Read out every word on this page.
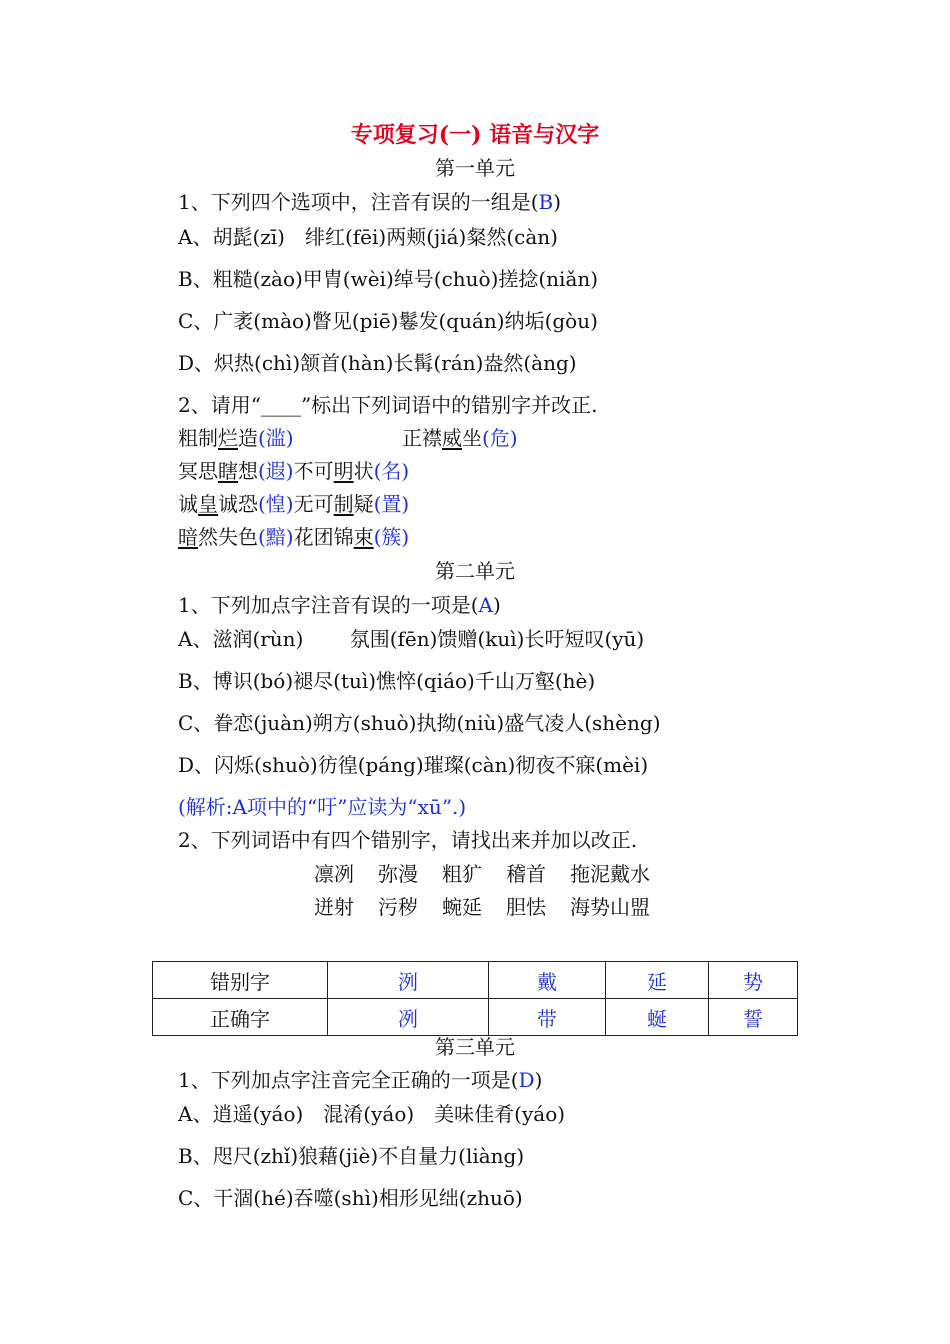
专项复习(一) 语音与汉字
第一单元
1、下列四个选项中，注音有误的一组是(B)
A、胡髭(zī)　绯红(fēi)两颊(jiá)粲然(càn)
B、粗糙(zào)甲胄(wèi)绰号(chuò)搓捻(niǎn)
C、广袤(mào)瞥见(piē)鬈发(quán)纳垢(gòu)
D、炽热(chì)颔首(hàn)长髯(rán)盎然(àng)
2、请用“____”标出下列词语中的错别字并改正.
粗制烂造(滥)	正襟威坐(危)
冥思瞎想(遐)不可明状(名)
诚皇诚恐(惶)无可制疑(置)
暗然失色(黯)花团锦束(簇)
第二单元
1、下列加点字注音有误的一项是(A)
A、滋润(rùn)　　 氛围(fēn)馈赠(kuì)长吁短叹(yū)
B、博识(bó)褪尽(tuì)憔悴(qiáo)千山万壑(hè)
C、眷恋(juàn)朔方(shuò)执拗(niù)盛气凌人(shèng)
D、闪烁(shuò)彷徨(páng)璀璨(càn)彻夜不寐(mèi)
(解析:A项中的“吁”应读为“xū”.)
2、下列词语中有四个错别字，请找出来并加以改正.
凛冽 弥漫 粗犷 稽首 拖泥戴水
迸射 污秽 蜿延 胆怯 海势山盟
错别字	洌	戴	延	势
正确字	冽	带	蜒	誓
第三单元
1、下列加点字注音完全正确的一项是(D)
A、逍遥(yáo)　混淆(yáo)　美味佳肴(yáo)
B、咫尺(zhǐ)狼藉(jiè)不自量力(liàng)
C、干涸(hé)吞噬(shì)相形见绌(zhuō)
